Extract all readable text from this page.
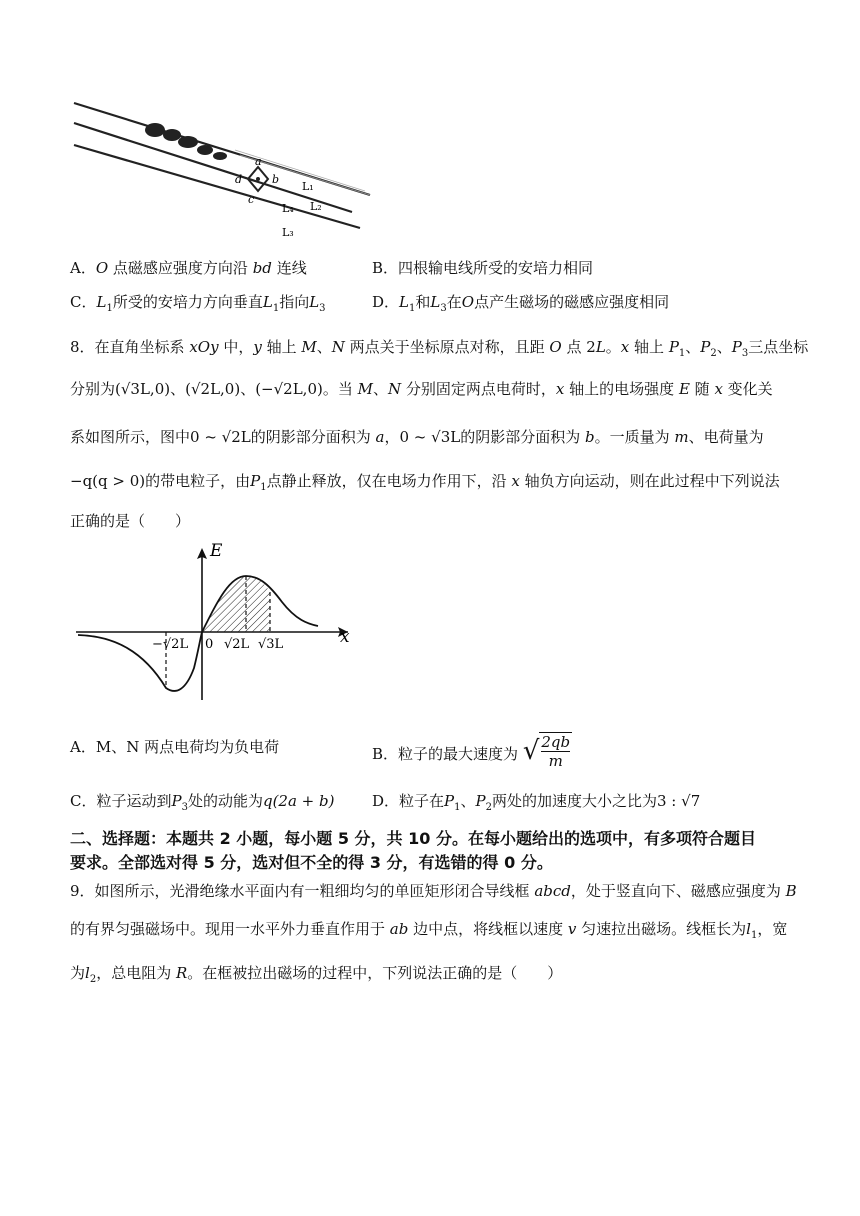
a
b
c
d
L₁
L₄ L₂
L₃
A．O 点磁感应强度方向沿 bd 连线	B．四根输电线所受的安培力相同
C．$L_1$所受的安培力方向垂直$L_1$指向$L_3$	D．$L_1$和$L_3$在O点产生磁场的磁感应强度相同
8．在直角坐标系 xOy 中，y 轴上 M、N 两点关于坐标原点对称，且距 O 点 2L。x 轴上 $P_1$、$P_2$、$P_3$三点坐标
分别为(√3L,0)、(√2L,0)、(−√2L,0)。当 M、N 分别固定两点电荷时，x 轴上的电场强度 E 随 x 变化关
系如图所示，图中0 ~ √2L的阴影部分面积为 a，0 ~ √3L的阴影部分面积为 b。一质量为 m、电荷量为
−q(q > 0)的带电粒子，由$P_1$点静止释放，仅在电场力作用下，沿 x 轴负方向运动，则在此过程中下列说法
正确的是（　　）
E
x
0
−√2L	√2L √3L
A．M、N 两点电荷均为负电荷	B．粒子的最大速度为 √ $\frac{2qb}{m}$
C．粒子运动到$P_3$处的动能为q(2a + b)	D．粒子在$P_1$、$P_2$两处的加速度大小之比为3 : √7
二、选择题：本题共 2 小题，每小题 5 分，共 10 分。在每小题给出的选项中，有多项符合题目
要求。全部选对得 5 分，选对但不全的得 3 分，有选错的得 0 分。
9．如图所示，光滑绝缘水平面内有一粗细均匀的单匝矩形闭合导线框 abcd，处于竖直向下、磁感应强度为 B
的有界匀强磁场中。现用一水平外力垂直作用于 ab 边中点，将线框以速度 v 匀速拉出磁场。线框长为$l_1$，宽
为$l_2$，总电阻为 R。在框被拉出磁场的过程中，下列说法正确的是（　　）
